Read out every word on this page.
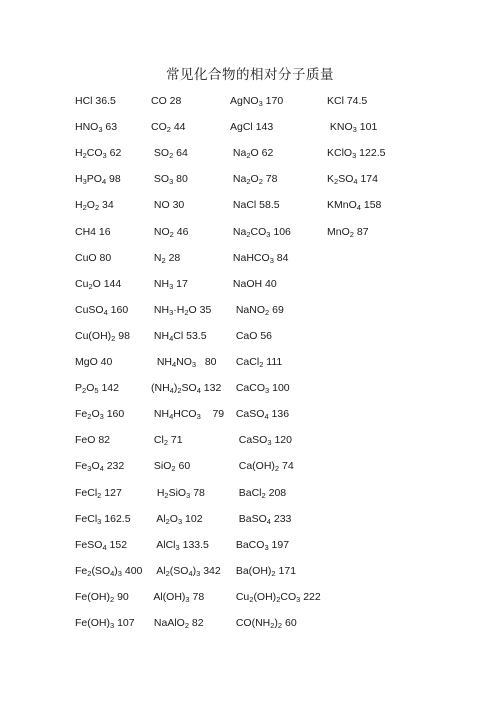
常见化合物的相对分子质量
HCl 36.5	CO 28	AgNO$_3$ 170	KCl 74.5
$HNO_3$ 63	$CO_2$ 44	AgCl 143	$KNO_3$ 101
$H_2CO_3$ 62	$SO_2$ 64	$Na_2O$ 62	KClO$_3$ 122.5
$H_3PO_4$ 98	$SO_3$ 80	$Na_2O_2$ 78	$K_2SO_4$ 174
$H_2O_2$ 34	NO 30	NaCl 58.5	KMnO$_4$ 158
CH4 16	$NO_2$ 46	$Na_2CO_3$ 106	MnO$_2$ 87
CuO 80	$N_2$ 28	NaHCO$_3$ 84
$Cu_2O$ 144	$NH_3$ 17	NaOH 40
CuSO$_4$ 160 $NH_3\cdot H_2O$ 35 NaNO$_2$ 69
$Cu(OH)_2$ 98 $NH_4Cl$ 53.5 CaO 56
MgO 40	$NH_4NO_3$   80 CaCl$_2$ 111
$P_2O_5$ 142	$(NH_4)_2SO_4$ 132 CaCO$_3$ 100
$Fe_2O_3$ 160	$NH_4HCO_3$    79 CaSO$_4$ 136
FeO 82	$Cl_2$ 71	CaSO$_3$ 120
$Fe_3O_4$ 232	SiO$_2$ 60	$Ca(OH)_2$ 74
FeCl$_2$ 127	$H_2SiO_3$ 78 BaCl$_2$ 208
FeCl$_3$ 162.5 $Al_2O_3$ 102	BaSO$_4$ 233
FeSO$_4$ 152 AlCl$_3$ 133.5 BaCO$_3$ 197
$Fe_2(SO_4)_3$ 400 $Al_2(SO_4)_3$ 342 $Ba(OH)_2$ 171
$Fe(OH)_2$ 90 $Al(OH)_3$ 78 $Cu_2(OH)_2CO_3$ 222
$Fe(OH)_3$ 107 NaAlO$_2$ 82	$CO(NH_2)_2$ 60
